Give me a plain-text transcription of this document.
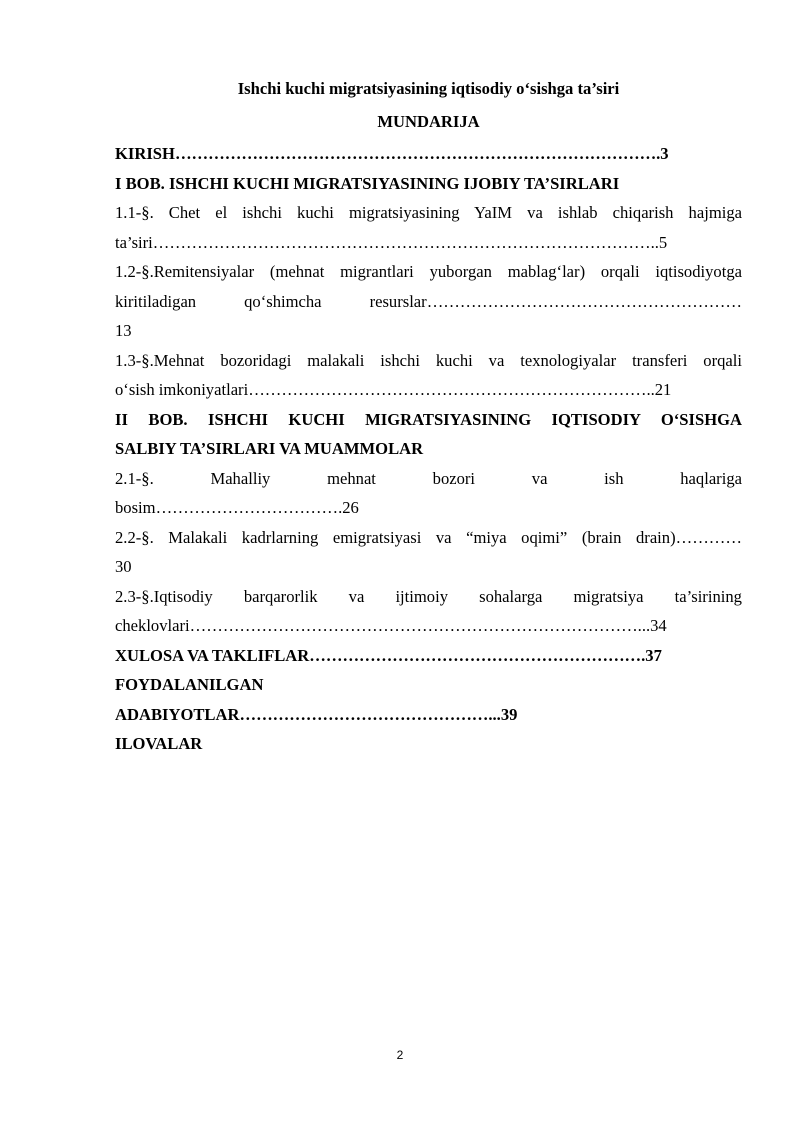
Ishchi kuchi migratsiyasining iqtisodiy o‘sishga ta’siri
MUNDARIJA
KIRISH…………………………………………………………………………….3
I BOB. ISHCHI KUCHI MIGRATSIYASINING IJOBIY TA’SIRLARI
1.1-§. Chet el ishchi kuchi migratsiyasining YaIM va ishlab chiqarish hajmiga
ta’siri………………………………………………………………………………..5
1.2-§.Remitensiyalar (mehnat migrantlari yuborgan mablag‘lar) orqali iqtisodiyotga
kiritiladigan	qo‘shimcha	resurslar…………………………………………………
13
1.3-§.Mehnat bozoridagi malakali ishchi kuchi va texnologiyalar transferi orqali
o‘sish imkoniyatlari………………………………………………………………..21
II BOB. ISHCHI KUCHI MIGRATSIYASINING IQTISODIY O‘SISHGA
SALBIY TA’SIRLARI VA MUAMMOLAR
2.1-§.	Mahalliy	mehnat	bozori	va	ish	haqlariga
bosim…………………………….26
2.2-§. Malakali kadrlarning emigratsiyasi va “miya oqimi” (brain drain)…………
30
2.3-§.Iqtisodiy barqarorlik va ijtimoiy sohalarga migratsiya ta’sirining
cheklovlari………………………………………………………………………...34
XULOSA VA TAKLIFLAR…………………………………………………….37
FOYDALANILGAN
ADABIYOTLAR………………………………………...39
ILOVALAR
2
